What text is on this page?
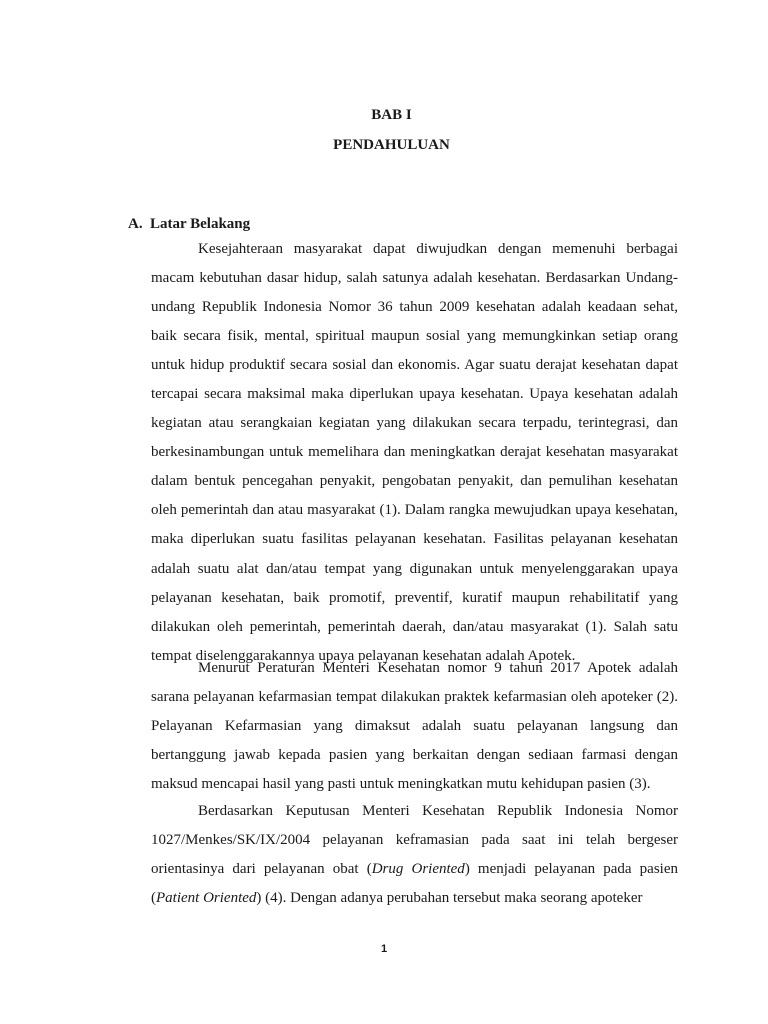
BAB I
PENDAHULUAN
A. Latar Belakang

Kesejahteraan masyarakat dapat diwujudkan dengan memenuhi berbagai macam kebutuhan dasar hidup, salah satunya adalah kesehatan. Berdasarkan Undang-undang Republik Indonesia Nomor 36 tahun 2009 kesehatan adalah keadaan sehat, baik secara fisik, mental, spiritual maupun sosial yang memungkinkan setiap orang untuk hidup produktif secara sosial dan ekonomis. Agar suatu derajat kesehatan dapat tercapai secara maksimal maka diperlukan upaya kesehatan. Upaya kesehatan adalah kegiatan atau serangkaian kegiatan yang dilakukan secara terpadu, terintegrasi, dan berkesinambungan untuk memelihara dan meningkatkan derajat kesehatan masyarakat dalam bentuk pencegahan penyakit, pengobatan penyakit, dan pemulihan kesehatan oleh pemerintah dan atau masyarakat (1). Dalam rangka mewujudkan upaya kesehatan, maka diperlukan suatu fasilitas pelayanan kesehatan. Fasilitas pelayanan kesehatan adalah suatu alat dan/atau tempat yang digunakan untuk menyelenggarakan upaya pelayanan kesehatan, baik promotif, preventif, kuratif maupun rehabilitatif yang dilakukan oleh pemerintah, pemerintah daerah, dan/atau masyarakat (1). Salah satu tempat diselenggarakannya upaya pelayanan kesehatan adalah Apotek.

Menurut Peraturan Menteri Kesehatan nomor 9 tahun 2017 Apotek adalah sarana pelayanan kefarmasian tempat dilakukan praktek kefarmasian oleh apoteker (2). Pelayanan Kefarmasian yang dimaksut adalah suatu pelayanan langsung dan bertanggung jawab kepada pasien yang berkaitan dengan sediaan farmasi dengan maksud mencapai hasil yang pasti untuk meningkatkan mutu kehidupan pasien (3).

Berdasarkan Keputusan Menteri Kesehatan Republik Indonesia Nomor 1027/Menkes/SK/IX/2004 pelayanan keframasian pada saat ini telah bergeser orientasinya dari pelayanan obat (Drug Oriented) menjadi pelayanan pada pasien (Patient Oriented) (4). Dengan adanya perubahan tersebut maka seorang apoteker

1
